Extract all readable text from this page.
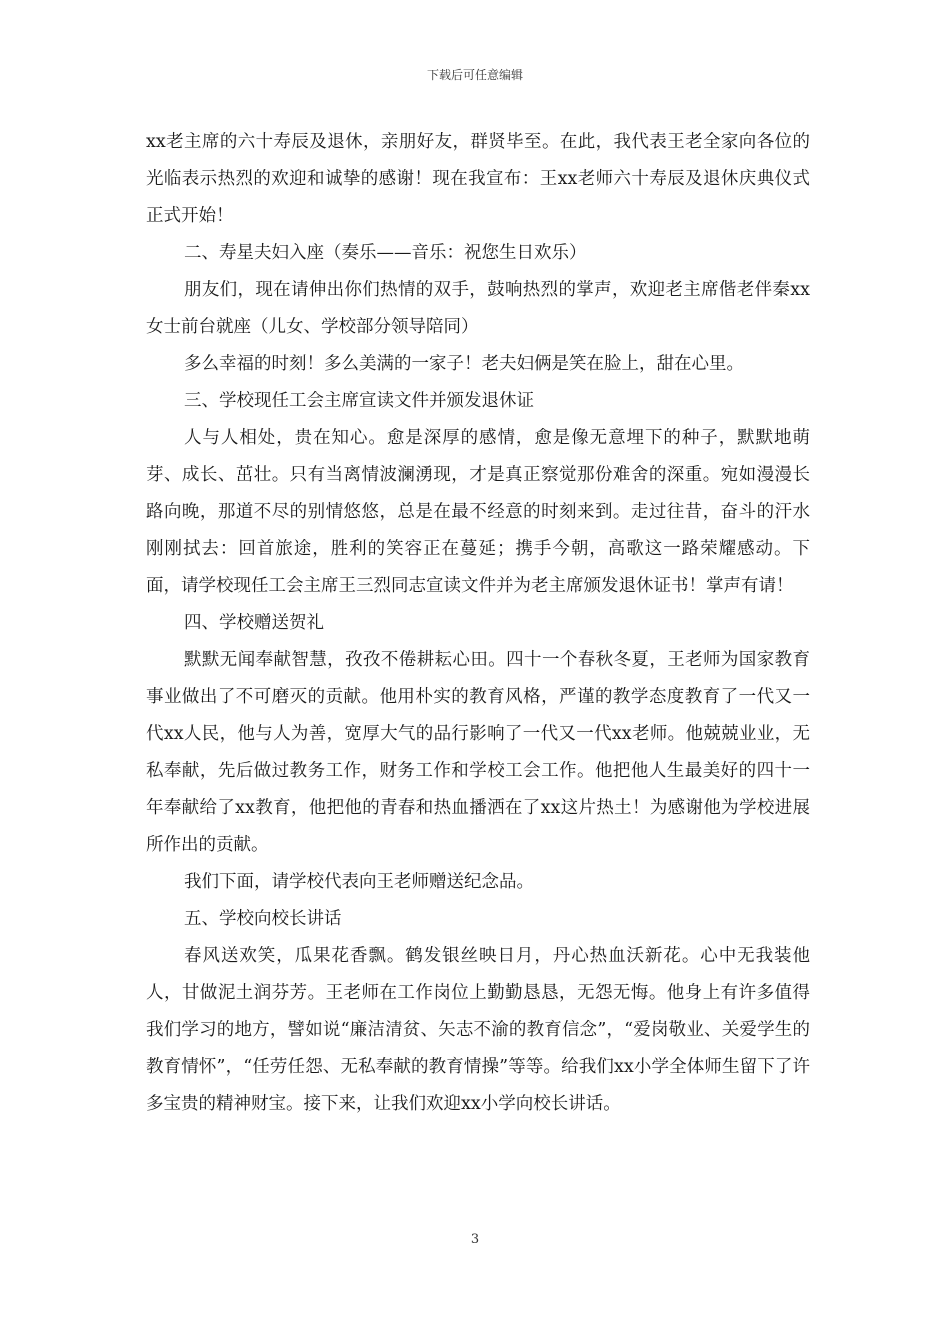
下载后可任意编辑

xx老主席的六十寿辰及退休，亲朋好友，群贤毕至。在此，我代表王老全家向各位的光临表示热烈的欢迎和诚挚的感谢！现在我宣布：王xx老师六十寿辰及退休庆典仪式正式开始！

二、寿星夫妇入座（奏乐——音乐：祝您生日欢乐）

朋友们，现在请伸出你们热情的双手，鼓响热烈的掌声，欢迎老主席偕老伴秦xx女士前台就座（儿女、学校部分领导陪同）

多么幸福的时刻！多么美满的一家子！老夫妇俩是笑在脸上，甜在心里。

三、学校现任工会主席宣读文件并颁发退休证

人与人相处，贵在知心。愈是深厚的感情，愈是像无意埋下的种子，默默地萌芽、成长、茁壮。只有当离情波澜湧现，才是真正察觉那份难舍的深重。宛如漫漫长路向晚，那道不尽的别情悠悠，总是在最不经意的时刻来到。走过往昔，奋斗的汗水刚刚拭去：回首旅途，胜利的笑容正在蔓延；携手今朝，高歌这一路荣耀感动。下面，请学校现任工会主席王三烈同志宣读文件并为老主席颁发退休证书！掌声有请！

四、学校赠送贺礼

默默无闻奉献智慧，孜孜不倦耕耘心田。四十一个春秋冬夏，王老师为国家教育事业做出了不可磨灭的贡献。他用朴实的教育风格，严谨的教学态度教育了一代又一代xx人民，他与人为善，宽厚大气的品行影响了一代又一代xx老师。他兢兢业业，无私奉献，先后做过教务工作，财务工作和学校工会工作。他把他人生最美好的四十一年奉献给了xx教育，他把他的青春和热血播洒在了xx这片热土！为感谢他为学校进展所作出的贡献。

我们下面，请学校代表向王老师赠送纪念品。

五、学校向校长讲话

春风送欢笑，瓜果花香飘。鹤发银丝映日月，丹心热血沃新花。心中无我装他人，甘做泥土润芬芳。王老师在工作岗位上勤勤恳恳，无怨无悔。他身上有许多值得我们学习的地方，譬如说“廉洁清贫、矢志不渝的教育信念”，“爱岗敬业、关爱学生的教育情怀”，“任劳任怨、无私奉献的教育情操”等等。给我们xx小学全体师生留下了许多宝贵的精神财宝。接下来，让我们欢迎xx小学向校长讲话。

3
